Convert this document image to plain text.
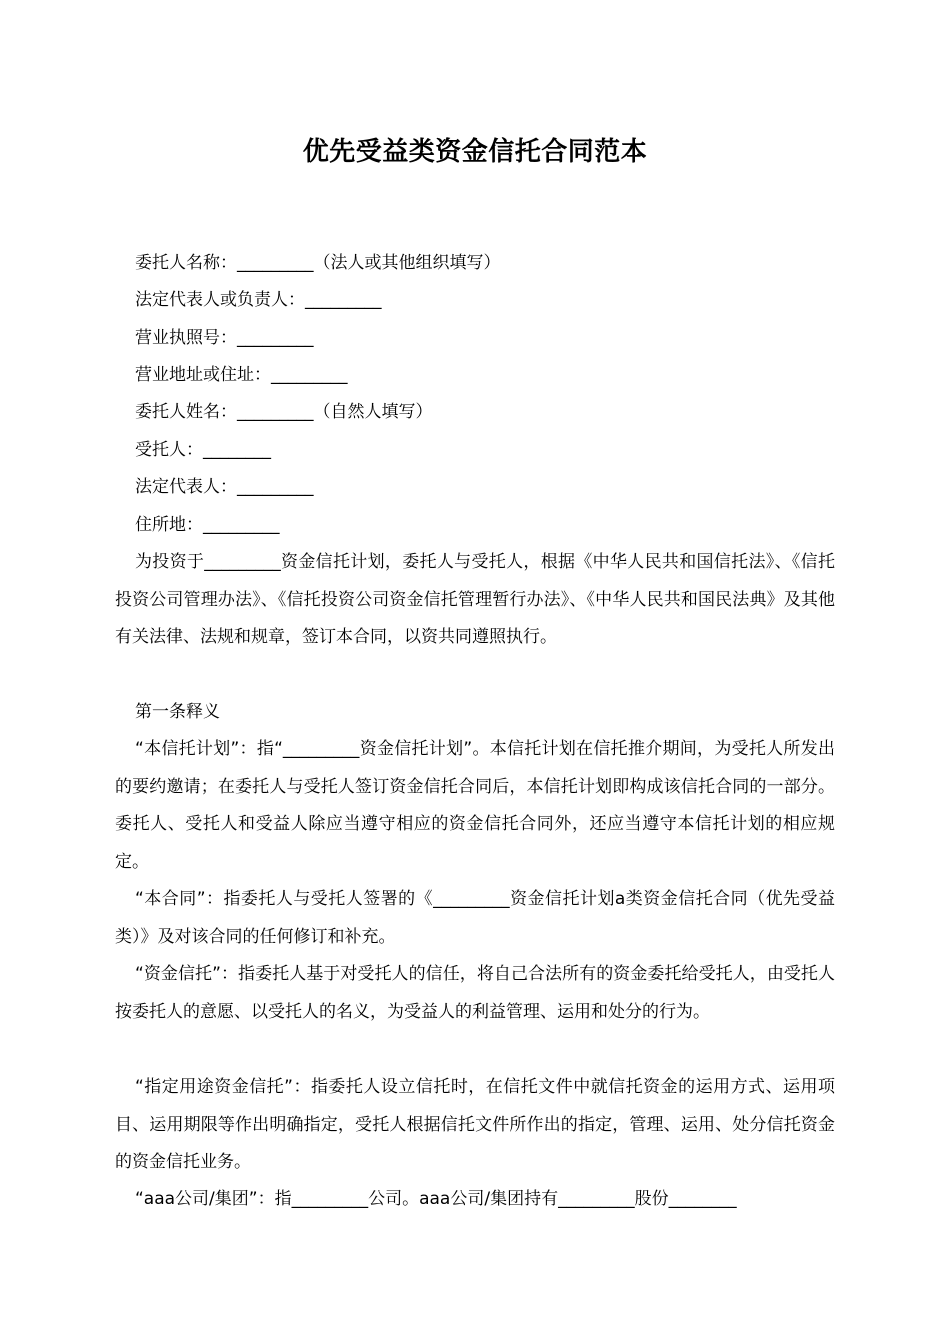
优先受益类资金信托合同范本
委托人名称：_________（法人或其他组织填写）
法定代表人或负责人：_________
营业执照号：_________
营业地址或住址：_________
委托人姓名：_________（自然人填写）
受托人：________
法定代表人：_________
住所地：_________

为投资于_________资金信托计划，委托人与受托人，根据《中华人民共和国信托法》、《信托投资公司管理办法》、《信托投资公司资金信托管理暂行办法》、《中华人民共和国民法典》及其他有关法律、法规和规章，签订本合同，以资共同遵照执行。

第一条释义

“本信托计划”：指“_________资金信托计划”。本信托计划在信托推介期间，为受托人所发出的要约邀请；在委托人与受托人签订资金信托合同后，本信托计划即构成该信托合同的一部分。委托人、受托人和受益人除应当遵守相应的资金信托合同外，还应当遵守本信托计划的相应规定。

“本合同”：指委托人与受托人签署的《_________资金信托计划a类资金信托合同（优先受益类）》及对该合同的任何修订和补充。

“资金信托”：指委托人基于对受托人的信任，将自己合法所有的资金委托给受托人，由受托人按委托人的意愿、以受托人的名义，为受益人的利益管理、运用和处分的行为。

“指定用途资金信托”：指委托人设立信托时，在信托文件中就信托资金的运用方式、运用项目、运用期限等作出明确指定，受托人根据信托文件所作出的指定，管理、运用、处分信托资金的资金信托业务。

“aaa公司/集团”：指_________公司。aaa公司/集团持有_________股份________
